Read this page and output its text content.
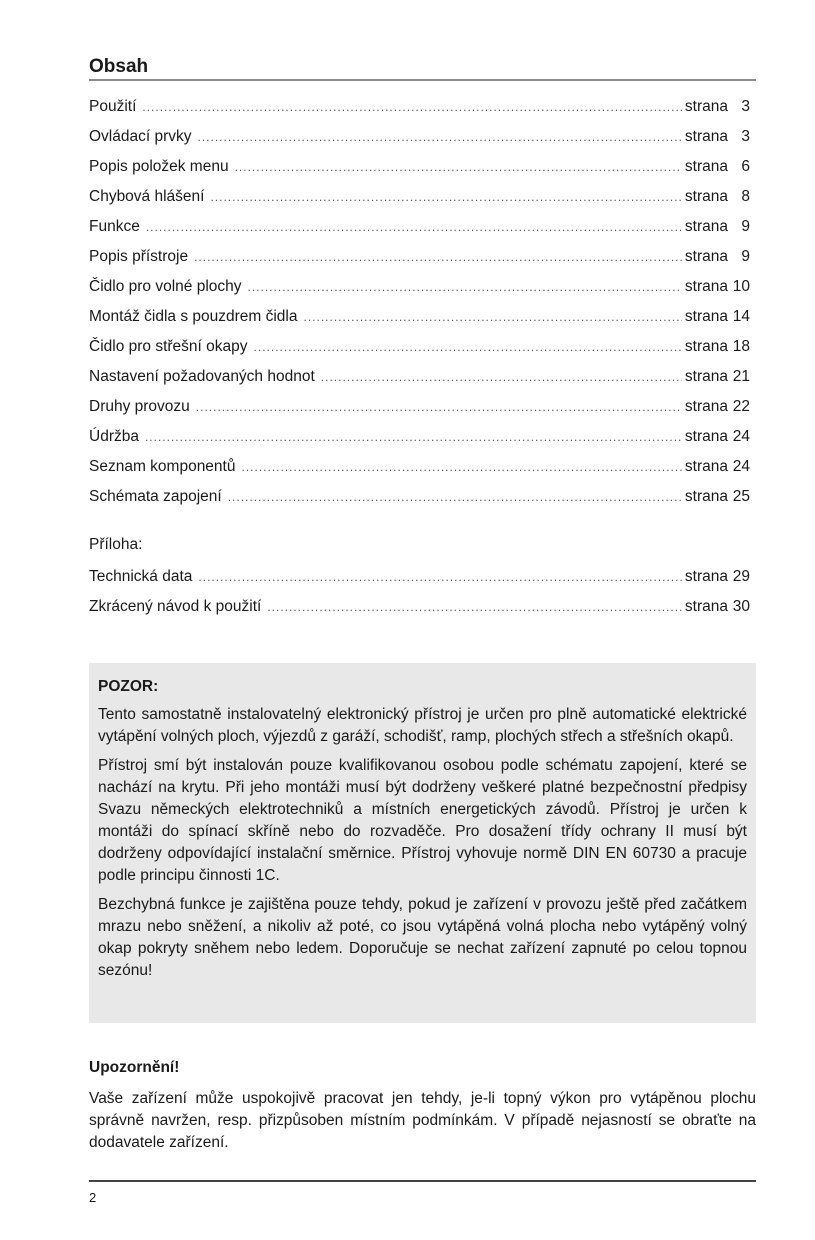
Obsah
Použití .....	strana 3
Ovládací prvky .....	strana 3
Popis položek menu .....	strana 6
Chybová hlášení .....	strana 8
Funkce .....	strana 9
Popis přístroje .....	strana 9
Čidlo pro volné plochy .....	strana 10
Montáž čidla s pouzdrem čidla .....	strana 14
Čidlo pro střešní okapy .....	strana 18
Nastavení požadovaných hodnot .....	strana 21
Druhy provozu .....	strana 22
Údržba .....	strana 24
Seznam komponentů .....	strana 24
Schémata zapojení .....	strana 25
Příloha:
Technická data .....	strana 29
Zkrácený návod k použití .....	strana 30
POZOR:

Tento samostatně instalovatelný elektronický přístroj je určen pro plně automatické elektrické vytápění volných ploch, výjezdů z garáží, schodišť, ramp, plochých střech a střešních okapů.

Přístroj smí být instalován pouze kvalifikovanou osobou podle schématu zapojení, které se nachází na krytu. Při jeho montáži musí být dodrženy veškeré platné bezpečnostní předpisy Svazu německých elektrotechniků a místních energetických závodů. Přístroj je určen k montáži do spínací skříně nebo do rozvaděče. Pro dosažení třídy ochrany II musí být dodrženy odpovídající instalační směrnice. Přístroj vyhovuje normě DIN EN 60730 a pracuje podle principu činnosti 1C.

Bezchybná funkce je zajištěna pouze tehdy, pokud je zařízení v provozu ještě před začátkem mrazu nebo sněžení, a nikoliv až poté, co jsou vytápěná volná plocha nebo vytápěný volný okap pokryty sněhem nebo ledem. Doporučuje se nechat zařízení zapnuté po celou topnou sezónu!

Upozornění!

Vaše zařízení může uspokojivě pracovat jen tehdy, je-li topný výkon pro vytápěnou plochu správně navržen, resp. přizpůsoben místním podmínkám. V případě nejasností se obraťte na dodavatele zařízení.

2
